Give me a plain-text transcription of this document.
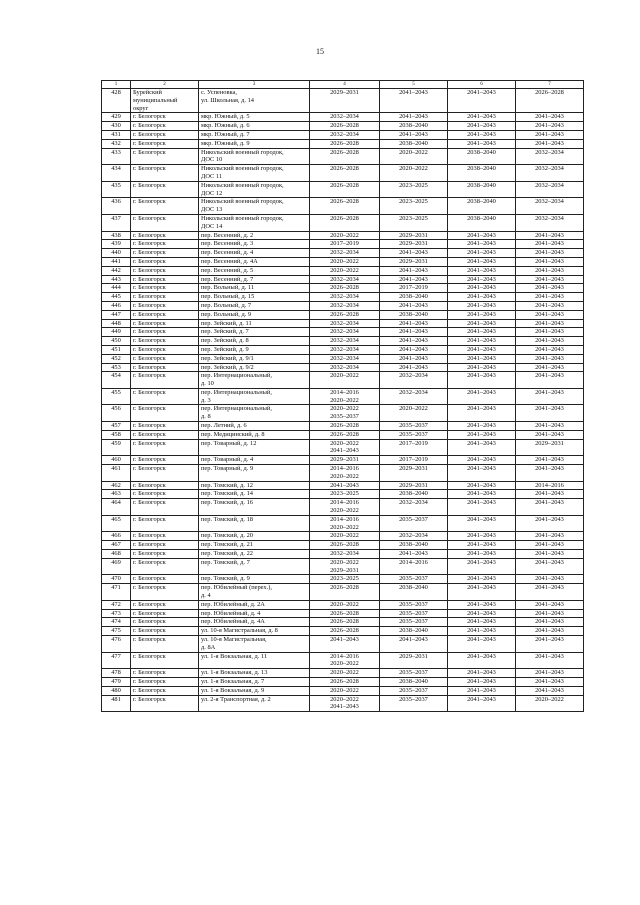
15
1	2	3	4	5	6	7
428	Бурейский
муниципальный
округ	с. Успеновка,
ул. Школьная, д. 14	2029–2031	2041–2043	2041–2043	2026–2028

429	г. Белогорск	мкр. Южный, д. 5	2032–2034	2041–2043	2041–2043	2041–2043

430	г. Белогорск	мкр. Южный, д. 6	2026–2028	2038–2040	2041–2043	2041–2043

431	г. Белогорск	мкр. Южный, д. 7	2032–2034	2041–2043	2041–2043	2041–2043

432	г. Белогорск	мкр. Южный, д. 9	2026–2028	2038–2040	2041–2043	2041–2043

433	г. Белогорск	Никольский военный городок,
ДОС 10	2026–2028	2020–2022	2038–2040	2032–2034

434	г. Белогорск	Никольский военный городок,
ДОС 11	2026–2028	2020–2022	2038–2040	2032–2034

435	г. Белогорск	Никольский военный городок,
ДОС 12	2026–2028	2023–2025	2038–2040	2032–2034

436	г. Белогорск	Никольский военный городок,
ДОС 13	2026–2028	2023–2025	2038–2040	2032–2034

437	г. Белогорск	Никольский военный городок,
ДОС 14	2026–2028	2023–2025	2038–2040	2032–2034

438	г. Белогорск	пер. Весенний, д. 2	2020–2022	2029–2031	2041–2043	2041–2043

439	г. Белогорск	пер. Весенний, д. 3	2017–2019	2029–2031	2041–2043	2041–2043

440	г. Белогорск	пер. Весенний, д. 4	2032–2034	2041–2043	2041–2043	2041–2043

441	г. Белогорск	пер. Весенний, д. 4А	2020–2022	2029–2031	2041–2043	2041–2043

442	г. Белогорск	пер. Весенний, д. 5	2020–2022	2041–2043	2041–2043	2041–2043

443	г. Белогорск	пер. Весенний, д. 7	2032–2034	2041–2043	2041–2043	2041–2043

444	г. Белогорск	пер. Вольный, д. 11	2026–2028	2017–2019	2041–2043	2041–2043

445	г. Белогорск	пер. Вольный, д. 15	2032–2034	2038–2040	2041–2043	2041–2043

446	г. Белогорск	пер. Вольный, д. 7	2032–2034	2041–2043	2041–2043	2041–2043

447	г. Белогорск	пер. Вольный, д. 9	2026–2028	2038–2040	2041–2043	2041–2043

448	г. Белогорск	пер. Зейский, д. 11	2032–2034	2041–2043	2041–2043	2041–2043

449	г. Белогорск	пер. Зейский, д. 7	2032–2034	2041–2043	2041–2043	2041–2043

450	г. Белогорск	пер. Зейский, д. 8	2032–2034	2041–2043	2041–2043	2041–2043

451	г. Белогорск	пер. Зейский, д. 9	2032–2034	2041–2043	2041–2043	2041–2043

452	г. Белогорск	пер. Зейский, д. 9/1	2032–2034	2041–2043	2041–2043	2041–2043

453	г. Белогорск	пер. Зейский, д. 9/2	2032–2034	2041–2043	2041–2043	2041–2043

454	г. Белогорск	пер. Интернациональный,
д. 10	2020–2022	2032–2034	2041–2043	2041–2043

455	г. Белогорск	пер. Интернациональный,
д. 3	2014–2016
2020–2022	2032–2034	2041–2043	2041–2043

456	г. Белогорск	пер. Интернациональный,
д. 8	2020–2022
2035–2037	2020–2022	2041–2043	2041–2043

457	г. Белогорск	пер. Летний, д. 6	2026–2028	2035–2037	2041–2043	2041–2043

458	г. Белогорск	пер. Медицинский, д. 8	2026–2028	2035–2037	2041–2043	2041–2043

459	г. Белогорск	пер. Товарный, д. 12	2020–2022
2041–2043	2017–2019	2041–2043	2029–2031

460	г. Белогорск	пер. Товарный, д. 4	2029–2031	2017–2019	2041–2043	2041–2043

461	г. Белогорск	пер. Товарный, д. 9	2014–2016
2020–2022	2029–2031	2041–2043	2041–2043

462	г. Белогорск	пер. Томский, д. 12	2041–2043	2029–2031	2041–2043	2014–2016

463	г. Белогорск	пер. Томский, д. 14	2023–2025	2038–2040	2041–2043	2041–2043

464	г. Белогорск	пер. Томский, д. 16	2014–2016
2020–2022	2032–2034	2041–2043	2041–2043

465	г. Белогорск	пер. Томский, д. 18	2014–2016
2020–2022	2035–2037	2041–2043	2041–2043

466	г. Белогорск	пер. Томский, д. 20	2020–2022	2032–2034	2041–2043	2041–2043

467	г. Белогорск	пер. Томский, д. 21	2026–2028	2038–2040	2041–2043	2041–2043

468	г. Белогорск	пер. Томский, д. 22	2032–2034	2041–2043	2041–2043	2041–2043

469	г. Белогорск	пер. Томский, д. 7	2020–2022
2029–2031	2014–2016	2041–2043	2041–2043

470	г. Белогорск	пер. Томский, д. 9	2023–2025	2035–2037	2041–2043	2041–2043

471	г. Белогорск	пер. Юбилейный (перех.),
д. 4	2026–2028	2038–2040	2041–2043	2041–2043

472	г. Белогорск	пер. Юбилейный, д. 2А	2020–2022	2035–2037	2041–2043	2041–2043

473	г. Белогорск	пер. Юбилейный, д. 4	2026–2028	2035–2037	2041–2043	2041–2043

474	г. Белогорск	пер. Юбилейный, д. 4А	2026–2028	2035–2037	2041–2043	2041–2043

475	г. Белогорск	ул. 10-я Магистральная, д. 8	2026–2028	2038–2040	2041–2043	2041–2043

476	г. Белогорск	ул. 10-я Магистральная,
д. 8А	2041–2043	2041–2043	2041–2043	2041–2043

477	г. Белогорск	ул. 1-я Вокзальная, д. 11	2014–2016
2020–2022	2029–2031	2041–2043	2041–2043

478	г. Белогорск	ул. 1-я Вокзальная, д. 13	2020–2022	2035–2037	2041–2043	2041–2043

479	г. Белогорск	ул. 1-я Вокзальная, д. 7	2026–2028	2038–2040	2041–2043	2041–2043

480	г. Белогорск	ул. 1-я Вокзальная, д. 9	2020–2022	2035–2037	2041–2043	2041–2043

481	г. Белогорск	ул. 2-я Транспортная, д. 2	2020–2022
2041–2043	2035–2037	2041–2043	2020–2022
